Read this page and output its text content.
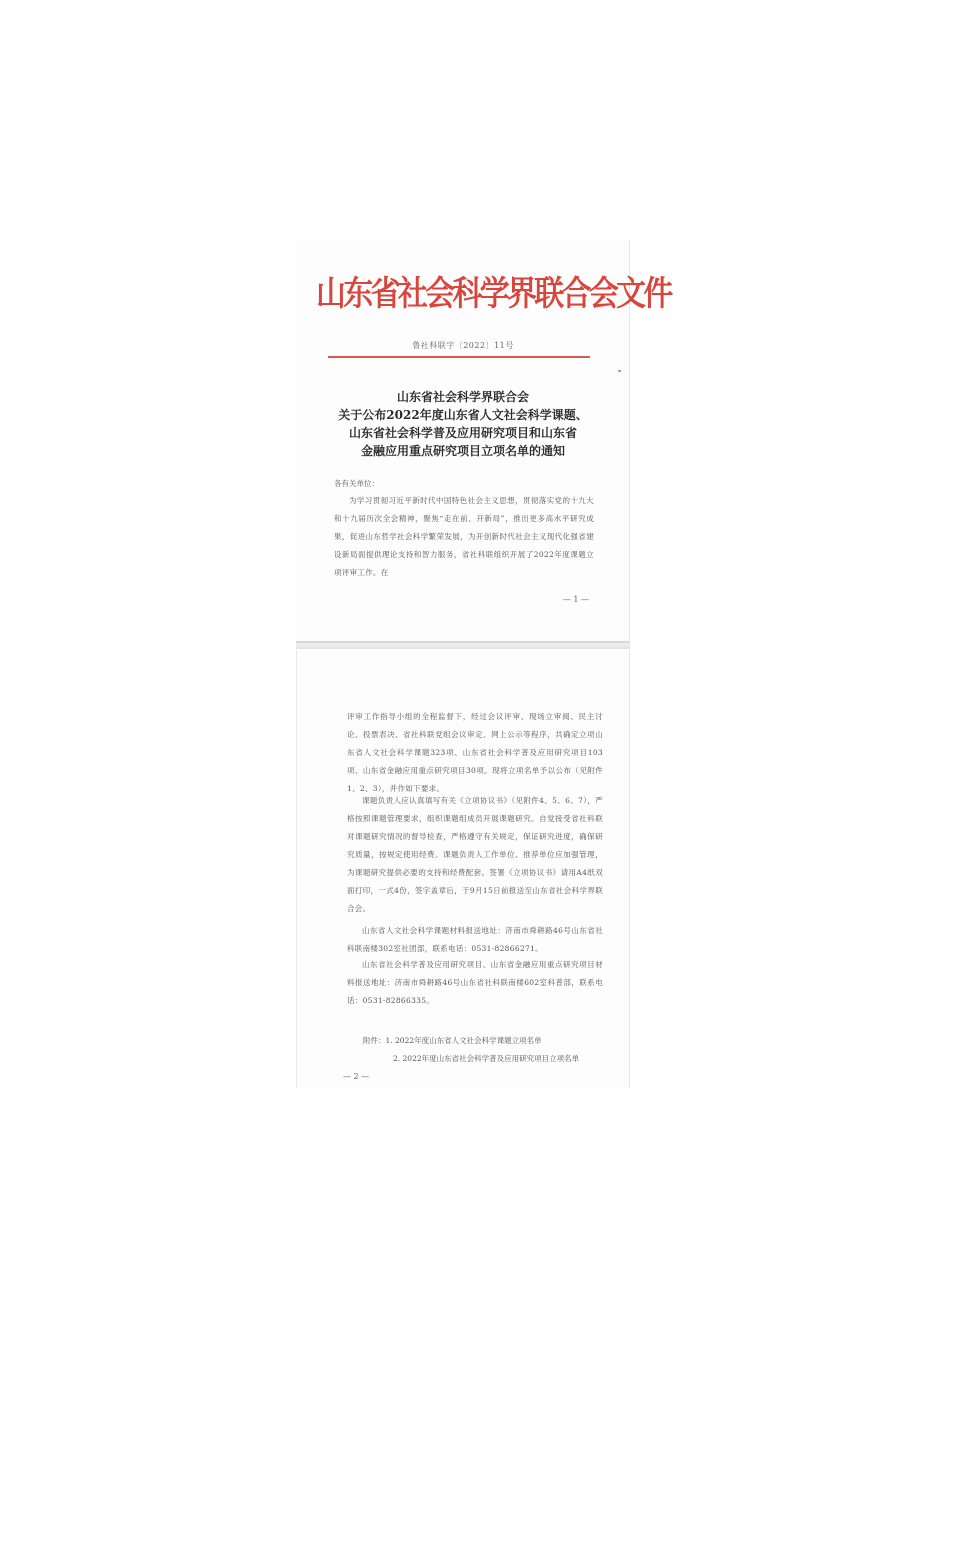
山东省社会科学界联合会文件
鲁社科联字〔2022〕11号
山东省社会科学界联合会
关于公布2022年度山东省人文社会科学课题、
山东省社会科学普及应用研究项目和山东省
金融应用重点研究项目立项名单的通知
各有关单位：
为学习贯彻习近平新时代中国特色社会主义思想，贯彻落实党的十九大和十九届历次全会精神，聚焦“走在前、开新局”，推出更多高水平研究成果，促进山东哲学社会科学繁荣发展，为开创新时代社会主义现代化强省建设新局面提供理论支持和智力服务，省社科联组织开展了2022年度课题立项评审工作。在
— 1 —
评审工作指导小组的全程监督下，经过会议评审、现场立审阅、民主讨论、投票表决、省社科联党组会议审定、网上公示等程序，共确定立项山东省人文社会科学课题323项、山东省社会科学普及应用研究项目103项、山东省金融应用重点研究项目30项。现将立项名单予以公布（见附件1、2、3），并作如下要求。
课题负责人应认真填写有关《立项协议书》（见附件4、5、6、7），严格按照课题管理要求，组织课题组成员开展课题研究。自觉接受省社科联对课题研究情况的督导检查，严格遵守有关规定，保证研究进度，确保研究质量，按规定使用经费。课题负责人工作单位、推荐单位应加强管理，为课题研究提供必要的支持和经费配套。签署《立项协议书》请用A4纸双面打印，一式4份，签字盖章后，于9月15日前报送至山东省社会科学界联合会。
山东省人文社会科学课题材料报送地址：济南市舜耕路46号山东省社科联南楼302室社团部，联系电话：0531-82866271。
山东省社会科学普及应用研究项目、山东省金融应用重点研究项目材料报送地址：济南市舜耕路46号山东省社科联南楼602室科普部，联系电话：0531-82866335。
附件：1. 2022年度山东省人文社会科学课题立项名单
2. 2022年度山东省社会科学普及应用研究项目立项名单
— 2 —
